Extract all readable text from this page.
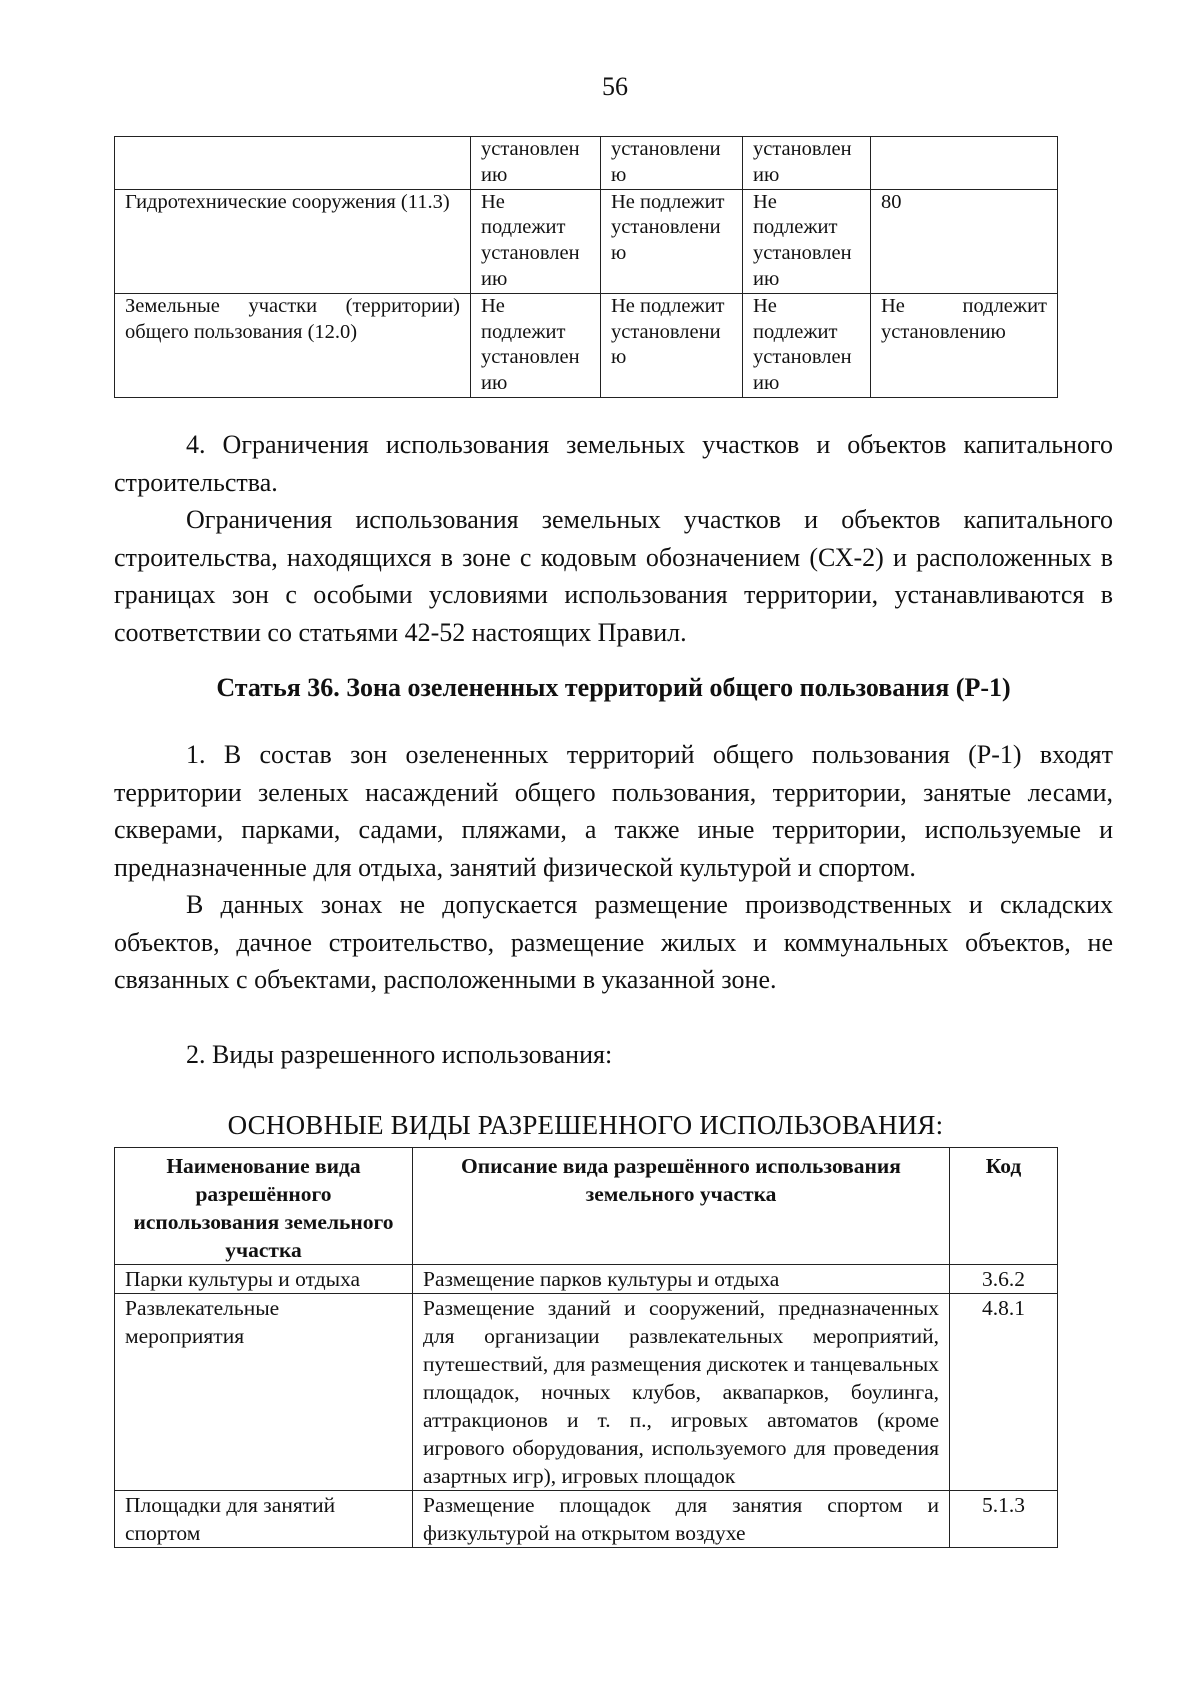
56
	установлен ию	установлени ю	установлен ию	
Гидротехнические сооружения (11.3)	Не подлежит установлен ию	Не подлежит установлени ю	Не подлежит установлен ию	80
Земельные участки (территории) общего пользования (12.0)	Не подлежит установлен ию	Не подлежит установлени ю	Не подлежит установлен ию	Не подлежит установлению
4. Ограничения использования земельных участков и объектов капитального строительства.
Ограничения использования земельных участков и объектов капитального строительства, находящихся в зоне с кодовым обозначением (СХ-2) и расположенных в границах зон с особыми условиями использования территории, устанавливаются в соответствии со статьями 42-52 настоящих Правил.
Статья 36. Зона озелененных территорий общего пользования (Р-1)
1. В состав зон озелененных территорий общего пользования (Р-1) входят территории зеленых насаждений общего пользования, территории, занятые лесами, скверами, парками, садами, пляжами, а также иные территории, используемые и предназначенные для отдыха, занятий физической культурой и спортом.
В данных зонах не допускается размещение производственных и складских объектов, дачное строительство, размещение жилых и коммунальных объектов, не связанных с объектами, расположенными в указанной зоне.
2. Виды разрешенного использования:
ОСНОВНЫЕ ВИДЫ РАЗРЕШЕННОГО ИСПОЛЬЗОВАНИЯ:
Наименование вида разрешённого использования земельного участка	Описание вида разрешённого использования земельного участка	Код
Парки культуры и отдыха	Размещение парков культуры и отдыха	3.6.2
Развлекательные мероприятия	Размещение зданий и сооружений, предназначенных для организации развлекательных мероприятий, путешествий, для размещения дискотек и танцевальных площадок, ночных клубов, аквапарков, боулинга, аттракционов и т. п., игровых автоматов (кроме игрового оборудования, используемого для проведения азартных игр), игровых площадок	4.8.1
Площадки для занятий спортом	Размещение площадок для занятия спортом и физкультурой на открытом воздухе	5.1.3
